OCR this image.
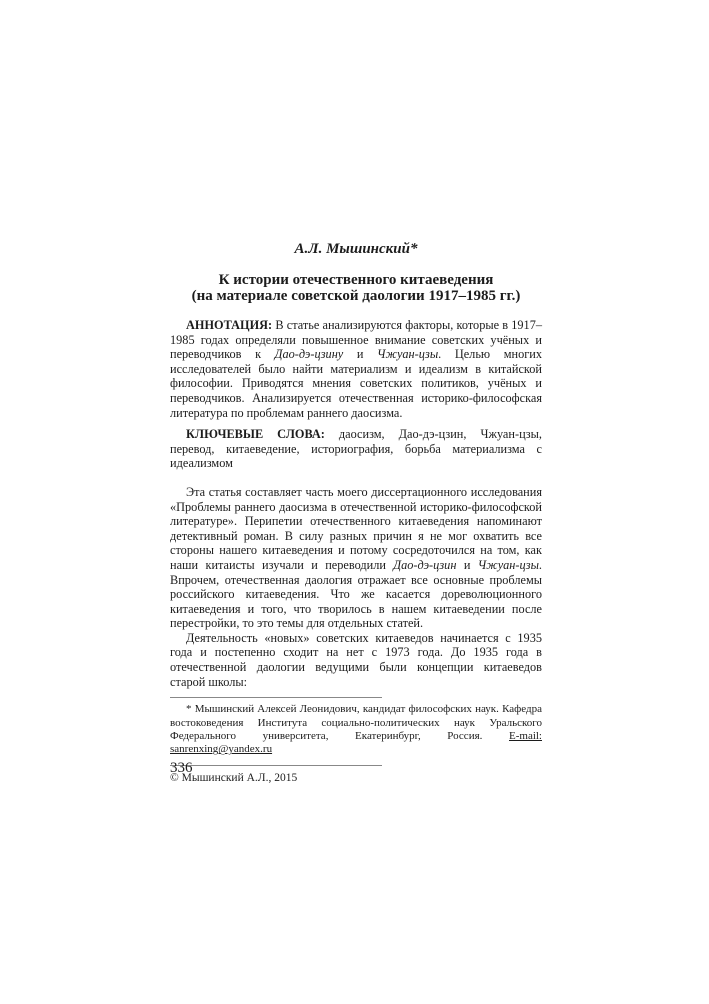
А.Л. Мышинский*
К истории отечественного китаеведения
(на материале советской даологии 1917–1985 гг.)

АННОТАЦИЯ: В статье анализируются факторы, которые в 1917–1985 годах определяли повышенное внимание советских учёных и переводчиков к Дао-дэ-цзину и Чжуан-цзы. Целью многих исследователей было найти материализм и идеализм в китайской философии. Приводятся мнения советских политиков, учёных и переводчиков. Анализируется отечественная историко-философская литература по проблемам раннего даосизма.

КЛЮЧЕВЫЕ СЛОВА: даосизм, Дао-дэ-цзин, Чжуан-цзы, перевод, китаеведение, историография, борьба материализма с идеализмом

Эта статья составляет часть моего диссертационного исследования «Проблемы раннего даосизма в отечественной историко-философской литературе». Перипетии отечественного китаеведения напоминают детективный роман. В силу разных причин я не мог охватить все стороны нашего китаеведения и потому сосредоточился на том, как наши китаисты изучали и переводили Дао-дэ-цзин и Чжуан-цзы. Впрочем, отечественная даология отражает все основные проблемы российского китаеведения. Что же касается дореволюционного китаеведения и того, что творилось в нашем китаеведении после перестройки, то это темы для отдельных статей.

Деятельность «новых» советских китаеведов начинается с 1935 года и постепенно сходит на нет с 1973 года. До 1935 года в отечественной даологии ведущими были концепции китаеведов старой школы:

* Мышинский Алексей Леонидович, кандидат философских наук. Кафедра востоковедения Института социально-политических наук Уральского Федерального университета, Екатеринбург, Россия. E-mail: sanrenxing@yandex.ru

© Мышинский А.Л., 2015

336
